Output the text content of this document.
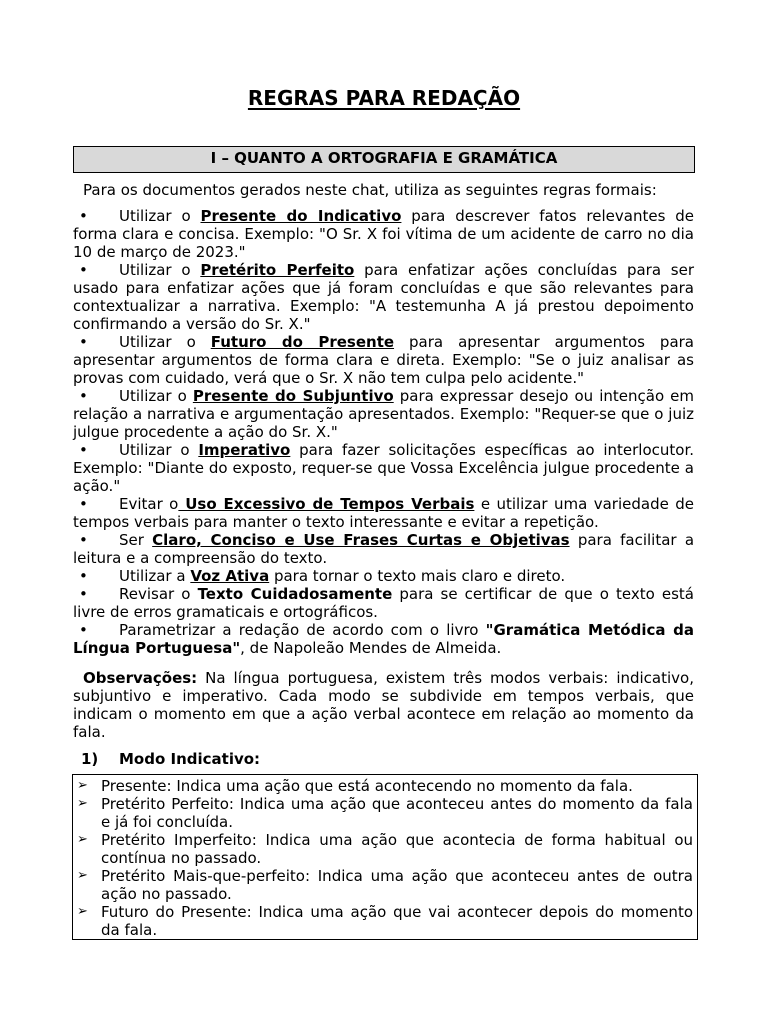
REGRAS PARA REDAÇÃO
I – QUANTO A ORTOGRAFIA E GRAMÁTICA
Para os documentos gerados neste chat, utiliza as seguintes regras formais:
• Utilizar o Presente do Indicativo para descrever fatos relevantes de forma clara e concisa. Exemplo: "O Sr. X foi vítima de um acidente de carro no dia 10 de março de 2023."
• Utilizar o Pretérito Perfeito para enfatizar ações concluídas para ser usado para enfatizar ações que já foram concluídas e que são relevantes para contextualizar a narrativa. Exemplo: "A testemunha A já prestou depoimento confirmando a versão do Sr. X."
• Utilizar o Futuro do Presente para apresentar argumentos para apresentar argumentos de forma clara e direta. Exemplo: "Se o juiz analisar as provas com cuidado, verá que o Sr. X não tem culpa pelo acidente."
• Utilizar o Presente do Subjuntivo para expressar desejo ou intenção em relação a narrativa e argumentação apresentados. Exemplo: "Requer-se que o juiz julgue procedente a ação do Sr. X."
• Utilizar o Imperativo para fazer solicitações específicas ao interlocutor. Exemplo: "Diante do exposto, requer-se que Vossa Excelência julgue procedente a ação."
• Evitar o Uso Excessivo de Tempos Verbais e utilizar uma variedade de tempos verbais para manter o texto interessante e evitar a repetição.
• Ser Claro, Conciso e Use Frases Curtas e Objetivas para facilitar a leitura e a compreensão do texto.
• Utilizar a Voz Ativa para tornar o texto mais claro e direto.
• Revisar o Texto Cuidadosamente para se certificar de que o texto está livre de erros gramaticais e ortográficos.
• Parametrizar a redação de acordo com o livro "Gramática Metódica da Língua Portuguesa", de Napoleão Mendes de Almeida.
Observações: Na língua portuguesa, existem três modos verbais: indicativo, subjuntivo e imperativo. Cada modo se subdivide em tempos verbais, que indicam o momento em que a ação verbal acontece em relação ao momento da fala.
1) Modo Indicativo:
➢ Presente: Indica uma ação que está acontecendo no momento da fala.
➢ Pretérito Perfeito: Indica uma ação que aconteceu antes do momento da fala e já foi concluída.
➢ Pretérito Imperfeito: Indica uma ação que acontecia de forma habitual ou contínua no passado.
➢ Pretérito Mais-que-perfeito: Indica uma ação que aconteceu antes de outra ação no passado.
➢ Futuro do Presente: Indica uma ação que vai acontecer depois do momento da fala.
